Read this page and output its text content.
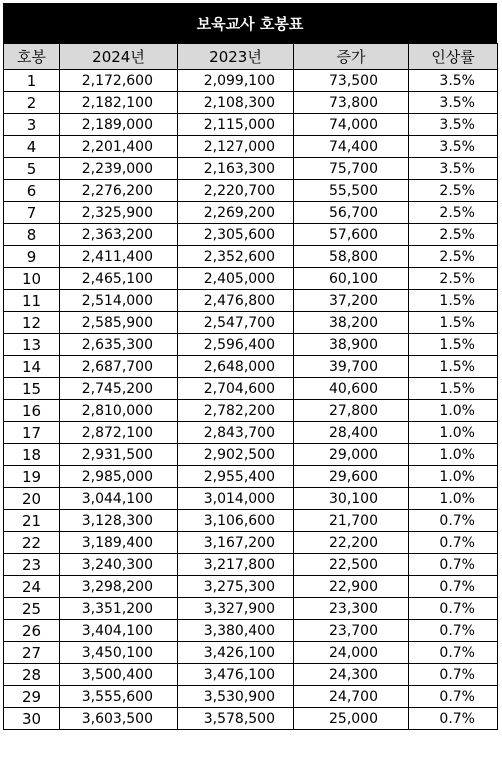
보육교사 호봉표
호봉	2024년	2023년	증가	인상률
1	2,172,600	2,099,100	73,500	3.5%
2	2,182,100	2,108,300	73,800	3.5%
3	2,189,000	2,115,000	74,000	3.5%
4	2,201,400	2,127,000	74,400	3.5%
5	2,239,000	2,163,300	75,700	3.5%
6	2,276,200	2,220,700	55,500	2.5%
7	2,325,900	2,269,200	56,700	2.5%
8	2,363,200	2,305,600	57,600	2.5%
9	2,411,400	2,352,600	58,800	2.5%
10	2,465,100	2,405,000	60,100	2.5%
11	2,514,000	2,476,800	37,200	1.5%
12	2,585,900	2,547,700	38,200	1.5%
13	2,635,300	2,596,400	38,900	1.5%
14	2,687,700	2,648,000	39,700	1.5%
15	2,745,200	2,704,600	40,600	1.5%
16	2,810,000	2,782,200	27,800	1.0%
17	2,872,100	2,843,700	28,400	1.0%
18	2,931,500	2,902,500	29,000	1.0%
19	2,985,000	2,955,400	29,600	1.0%
20	3,044,100	3,014,000	30,100	1.0%
21	3,128,300	3,106,600	21,700	0.7%
22	3,189,400	3,167,200	22,200	0.7%
23	3,240,300	3,217,800	22,500	0.7%
24	3,298,200	3,275,300	22,900	0.7%
25	3,351,200	3,327,900	23,300	0.7%
26	3,404,100	3,380,400	23,700	0.7%
27	3,450,100	3,426,100	24,000	0.7%
28	3,500,400	3,476,100	24,300	0.7%
29	3,555,600	3,530,900	24,700	0.7%
30	3,603,500	3,578,500	25,000	0.7%
